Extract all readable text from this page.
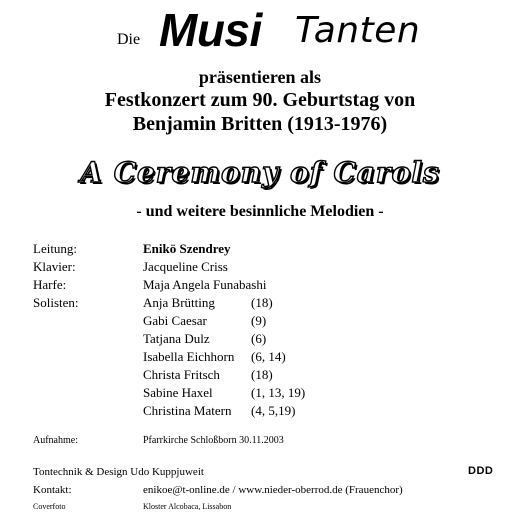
Die Musi Tanten
präsentieren als
Festkonzert zum 90. Geburtstag von
Benjamin Britten (1913-1976)
A Ceremony of Carols
- und weitere besinnliche Melodien -
Leitung:	Enikö Szendrey
Klavier:	Jacqueline Criss
Harfe:	Maja Angela Funabashi
Solisten:	Anja Brütting	(18)
Gabi Caesar	(9)
Tatjana Dulz	(6)
Isabella Eichhorn (6, 14)
Christa Fritsch (18)
Sabine Haxel	(1, 13, 19)
Christina Matern (4, 5,19)
Aufnahme:	Pfarrkirche Schloßborn 30.11.2003
Tontechnik & Design Udo Kuppjuweit	DDD
Kontakt:	enikoe@t-online.de / www.nieder-oberrod.de (Frauenchor)
Coverfoto	Kloster Alcobaca, Lissabon
